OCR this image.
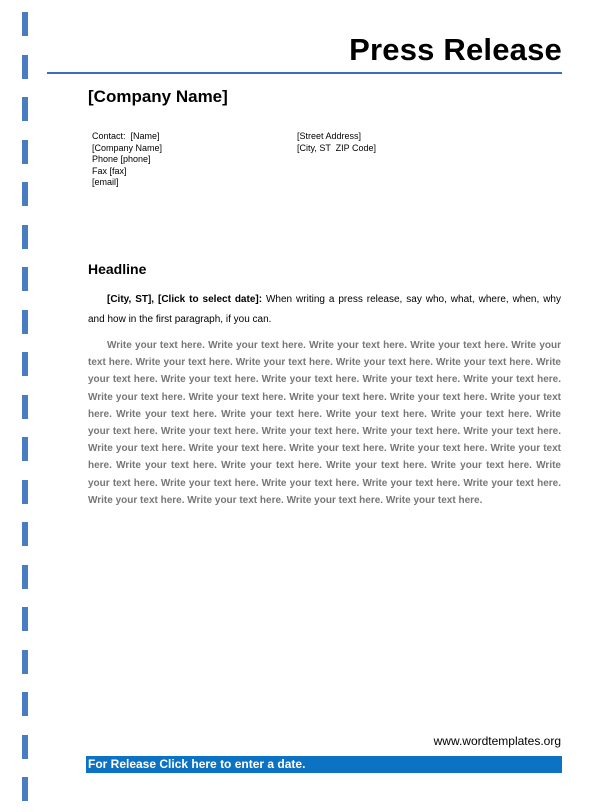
Press Release
[Company Name]
Contact:  [Name]
[Company Name]
Phone [phone]
Fax [fax]
[email]
[Street Address]
[City, ST  ZIP Code]
Headline
[City, ST], [Click to select date]: When writing a press release, say who, what, where, when, why and how in the first paragraph, if you can.
Write your text here. Write your text here. Write your text here. Write your text here. Write your text here. Write your text here. Write your text here. Write your text here. Write your text here. Write your text here. Write your text here. Write your text here. Write your text here. Write your text here. Write your text here. Write your text here. Write your text here. Write your text here. Write your text here. Write your text here. Write your text here. Write your text here. Write your text here. Write your text here. Write your text here. Write your text here. Write your text here. Write your text here. Write your text here. Write your text here. Write your text here. Write your text here. Write your text here. Write your text here. Write your text here. Write your text here. Write your text here. Write your text here. Write your text here. Write your text here. Write your text here. Write your text here. Write your text here. Write your text here. Write your text here. Write your text here.
www.wordtemplates.org
For Release Click here to enter a date.
